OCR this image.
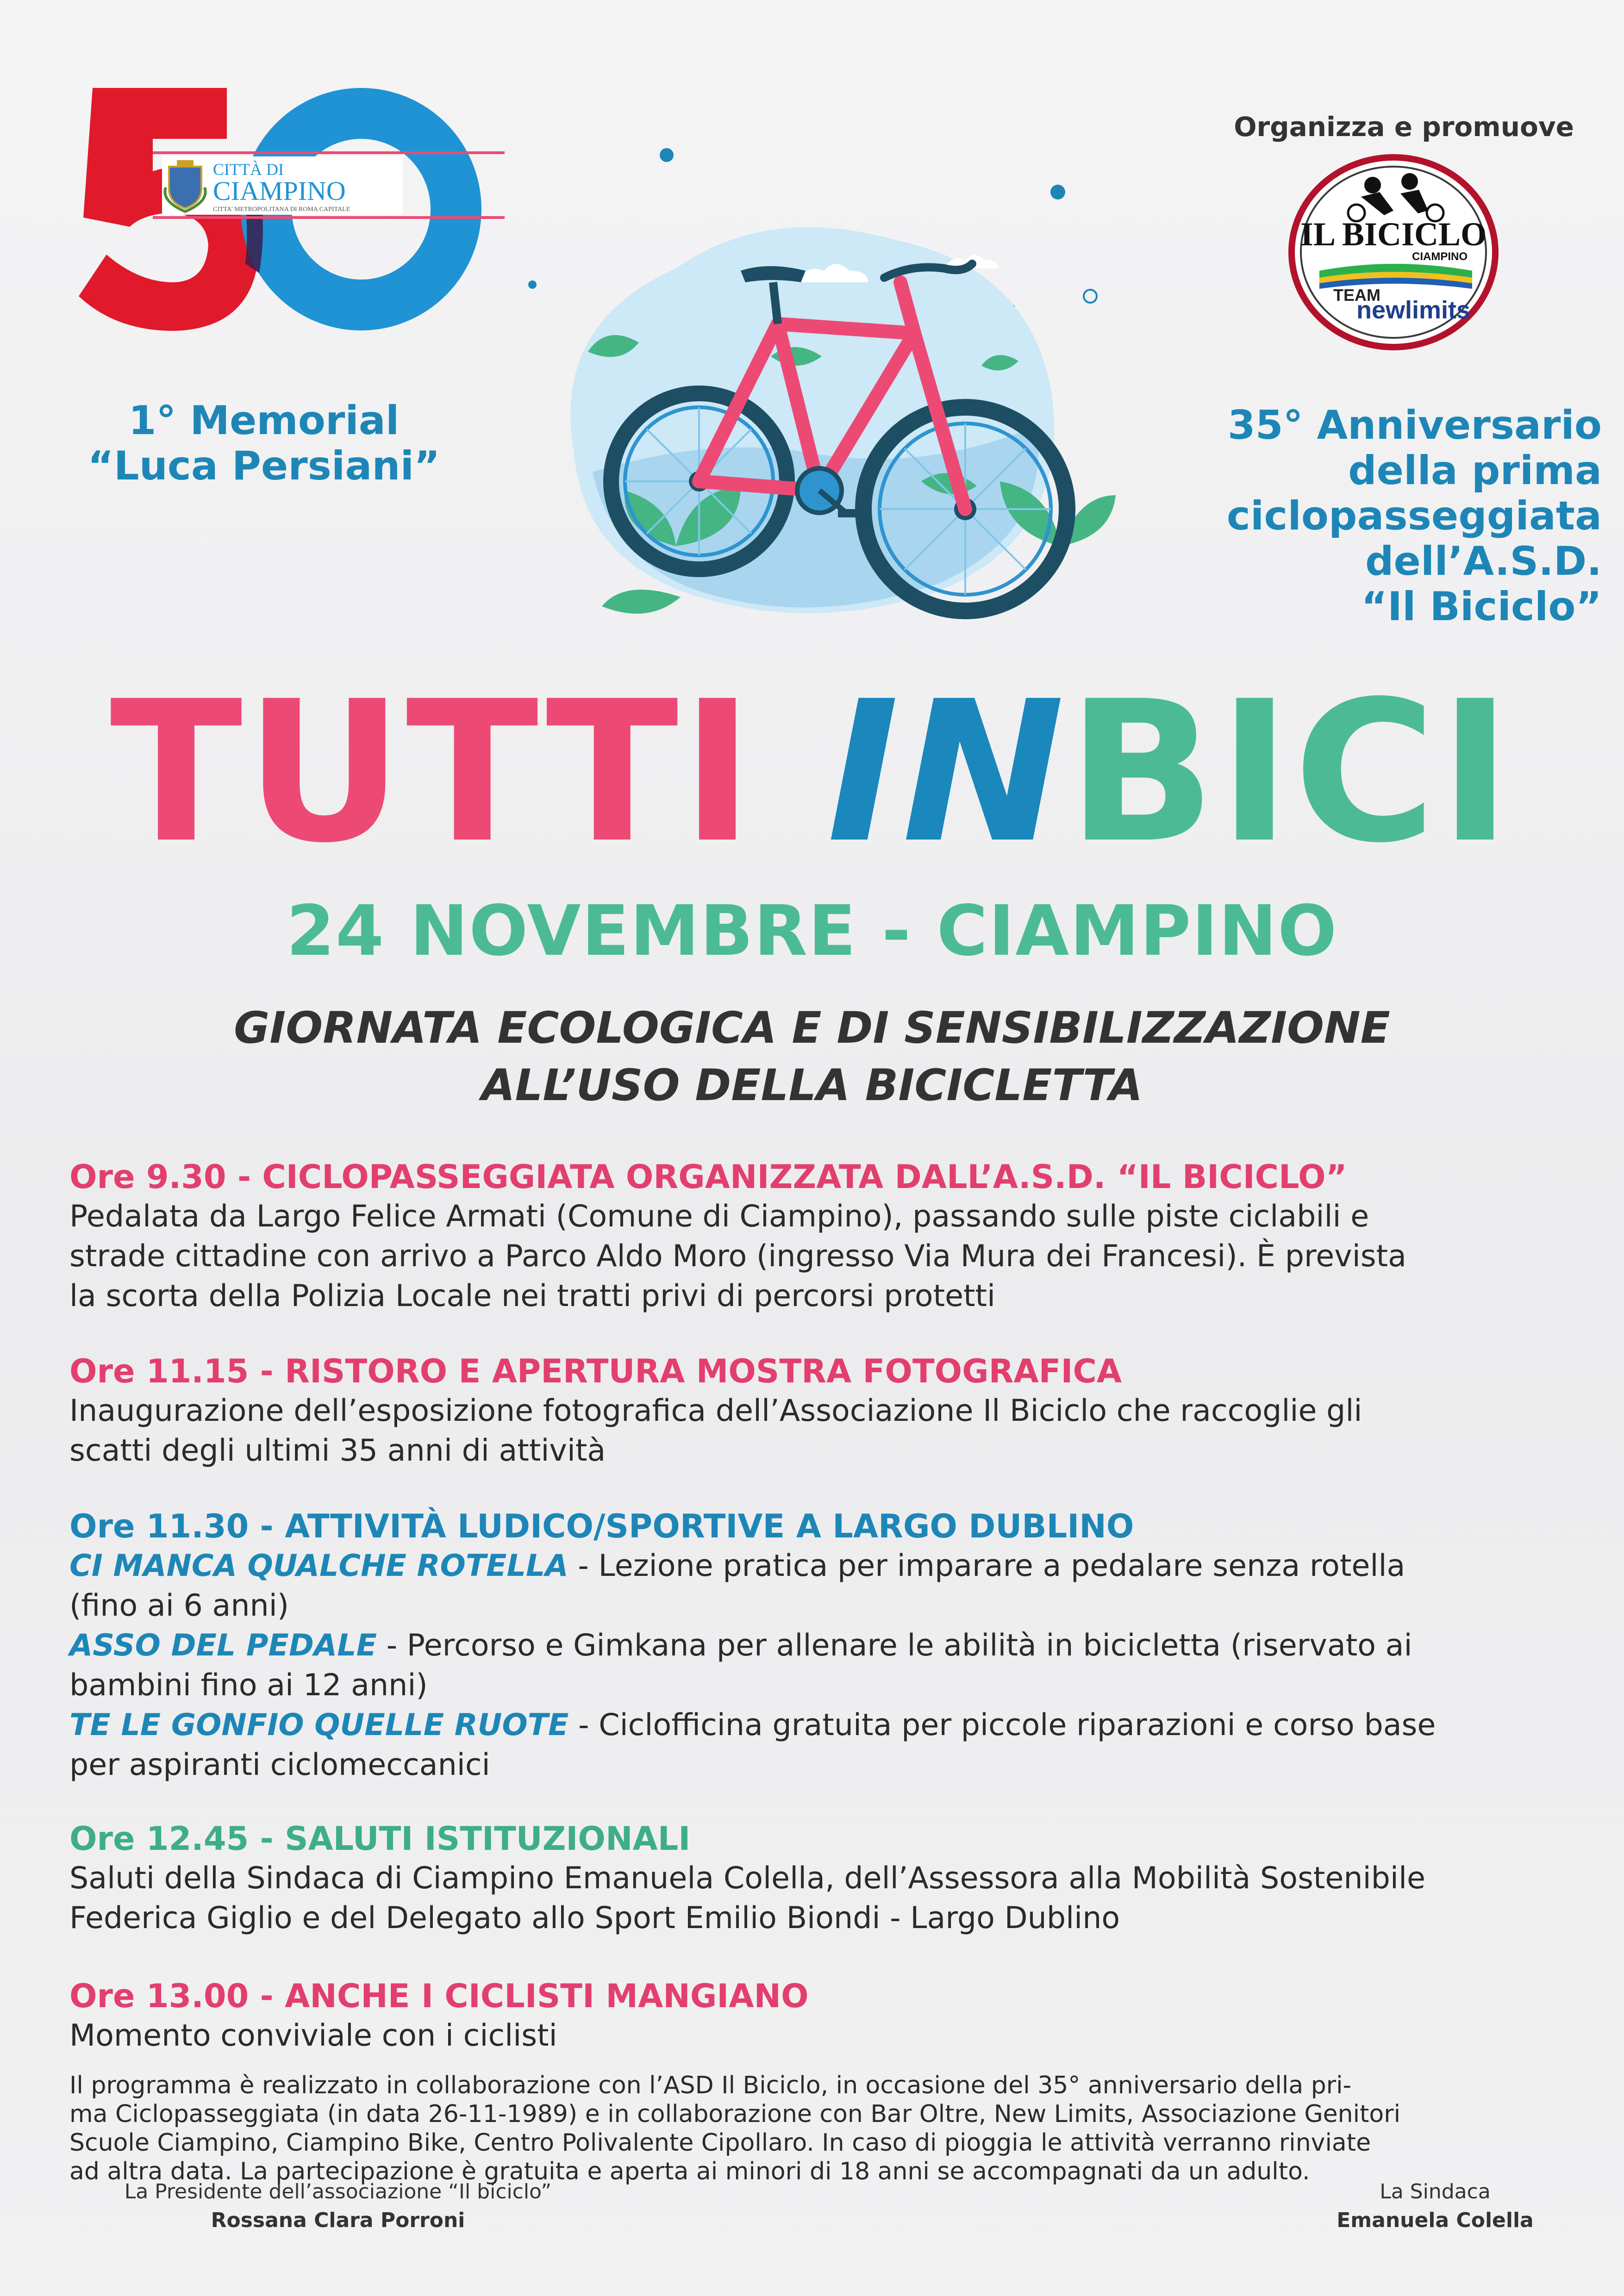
CITTÀ DI
CIAMPINO
CITTA' METROPOLITANA DI ROMA CAPITALE
1° Memorial
“Luca Persiani”
Organizza e promuove
IL BICICLO
CIAMPINO
TEAM
newlimits
35° Anniversario
della prima
ciclopasseggiata
dell’A.S.D.
“Il Biciclo”
TUTTI INBICI
24 NOVEMBRE - CIAMPINO
GIORNATA ECOLOGICA E DI SENSIBILIZZAZIONE
ALL’USO DELLA BICICLETTA
Ore 9.30 - CICLOPASSEGGIATA ORGANIZZATA DALL’A.S.D. “IL BICICLO”
Pedalata da Largo Felice Armati (Comune di Ciampino), passando sulle piste ciclabili e
strade cittadine con arrivo a Parco Aldo Moro (ingresso Via Mura dei Francesi). È prevista
la scorta della Polizia Locale nei tratti privi di percorsi protetti
Ore 11.15 - RISTORO E APERTURA MOSTRA FOTOGRAFICA
Inaugurazione dell’esposizione fotografica dell’Associazione Il Biciclo che raccoglie gli
scatti degli ultimi 35 anni di attività
Ore 11.30 - ATTIVITÀ LUDICO/SPORTIVE A LARGO DUBLINO
CI MANCA QUALCHE ROTELLA - Lezione pratica per imparare a pedalare senza rotella
(fino ai 6 anni)
ASSO DEL PEDALE - Percorso e Gimkana per allenare le abilità in bicicletta (riservato ai
bambini fino ai 12 anni)
TE LE GONFIO QUELLE RUOTE - Ciclofficina gratuita per piccole riparazioni e corso base
per aspiranti ciclomeccanici
Ore 12.45 - SALUTI ISTITUZIONALI
Saluti della Sindaca di Ciampino Emanuela Colella, dell’Assessora alla Mobilità Sostenibile
Federica Giglio e del Delegato allo Sport Emilio Biondi - Largo Dublino
Ore 13.00 - ANCHE I CICLISTI MANGIANO
Momento conviviale con i ciclisti
Il programma è realizzato in collaborazione con l’ASD Il Biciclo, in occasione del 35° anniversario della pri-
ma Ciclopasseggiata (in data 26-11-1989) e in collaborazione con Bar Oltre, New Limits, Associazione Genitori
Scuole Ciampino, Ciampino Bike, Centro Polivalente Cipollaro. In caso di pioggia le attività verranno rinviate
ad altra data. La partecipazione è gratuita e aperta ai minori di 18 anni se accompagnati da un adulto.
La Presidente dell’associazione “Il biciclo”
Rossana Clara Porroni
La Sindaca
Emanuela Colella
